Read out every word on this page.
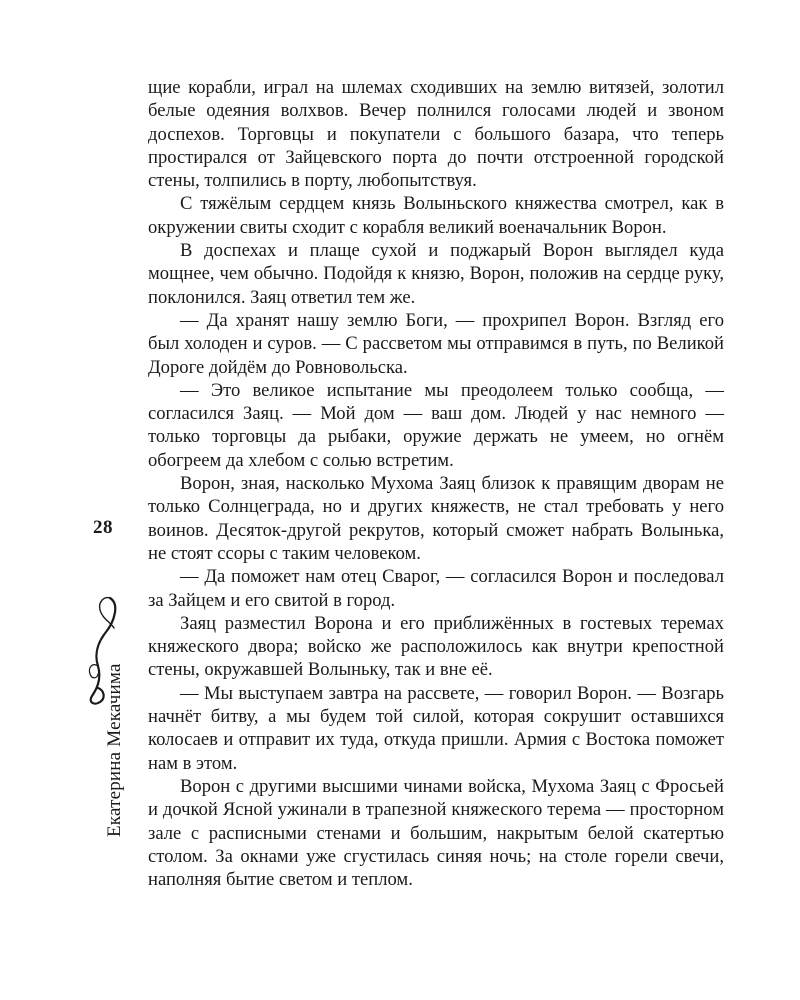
щие корабли, играл на шлемах сходивших на землю витязей, золотил белые одеяния волхвов. Вечер полнился голосами людей и звоном доспехов. Торговцы и покупатели с большого базара, что теперь простирался от Зайцевского порта до почти отстроенной городской стены, толпились в порту, любопытствуя.

С тяжёлым сердцем князь Волыньского княжества смотрел, как в окружении свиты сходит с корабля великий военачальник Ворон.

В доспехах и плаще сухой и поджарый Ворон выглядел куда мощнее, чем обычно. Подойдя к князю, Ворон, положив на сердце руку, поклонился. Заяц ответил тем же.

— Да хранят нашу землю Боги, — прохрипел Ворон. Взгляд его был холоден и суров. — С рассветом мы отправимся в путь, по Великой Дороге дойдём до Ровновольска.

— Это великое испытание мы преодолеем только сообща, — согласился Заяц. — Мой дом — ваш дом. Людей у нас немного — только торговцы да рыбаки, оружие держать не умеем, но огнём обогреем да хлебом с солью встретим.

Ворон, зная, насколько Мухома Заяц близок к правящим дворам не только Солнцеграда, но и других княжеств, не стал требовать у него воинов. Десяток-другой рекрутов, который сможет набрать Волынька, не стоят ссоры с таким человеком.

— Да поможет нам отец Сварог, — согласился Ворон и последовал за Зайцем и его свитой в город.

Заяц разместил Ворона и его приближённых в гостевых теремах княжеского двора; войско же расположилось как внутри крепостной стены, окружавшей Волыньку, так и вне её.

— Мы выступаем завтра на рассвете, — говорил Ворон. — Возгарь начнёт битву, а мы будем той силой, которая сокрушит оставшихся колосаев и отправит их туда, откуда пришли. Армия с Востока поможет нам в этом.

Ворон с другими высшими чинами войска, Мухома Заяц с Фросьей и дочкой Ясной ужинали в трапезной княжеского терема — просторном зале с расписными стенами и большим, накрытым белой скатертью столом. За окнами уже сгустилась синяя ночь; на столе горели свечи, наполняя бытие светом и теплом.

28
Екатерина Мекачима
